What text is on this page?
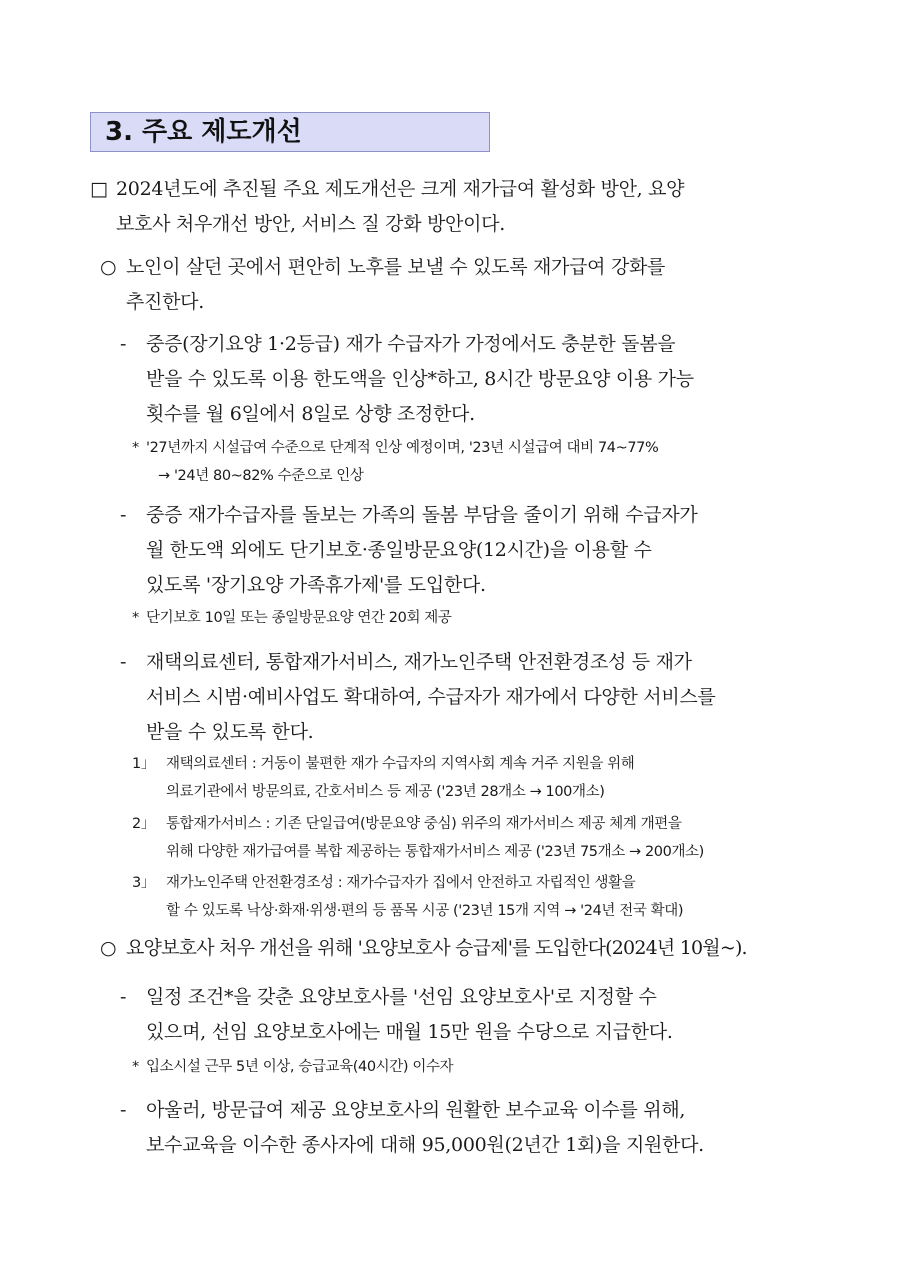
3. 주요 제도개선
□ 2024년도에 추진될 주요 제도개선은 크게 재가급여 활성화 방안, 요양
보호사 처우개선 방안, 서비스 질 강화 방안이다.
○ 노인이 살던 곳에서 편안히 노후를 보낼 수 있도록 재가급여 강화를
추진한다.
-	중증(장기요양 1·2등급) 재가 수급자가 가정에서도 충분한 돌봄을
받을 수 있도록 이용 한도액을 인상*하고, 8시간 방문요양 이용 가능
횟수를 월 6일에서 8일로 상향 조정한다.
* '27년까지 시설급여 수준으로 단계적 인상 예정이며, '23년 시설급여 대비 74~77%
→ '24년 80~82% 수준으로 인상
-	중증 재가수급자를 돌보는 가족의 돌봄 부담을 줄이기 위해 수급자가
월 한도액 외에도 단기보호·종일방문요양(12시간)을 이용할 수
있도록 '장기요양 가족휴가제'를 도입한다.
* 단기보호 10일 또는 종일방문요양 연간 20회 제공
-	재택의료센터, 통합재가서비스, 재가노인주택 안전환경조성 등 재가
서비스 시범·예비사업도 확대하여, 수급자가 재가에서 다양한 서비스를
받을 수 있도록 한다.
1」 재택의료센터 : 거동이 불편한 재가 수급자의 지역사회 계속 거주 지원을 위해
의료기관에서 방문의료, 간호서비스 등 제공 ('23년 28개소 → 100개소)
2」 통합재가서비스 : 기존 단일급여(방문요양 중심) 위주의 재가서비스 제공 체계 개편을
위해 다양한 재가급여를 복합 제공하는 통합재가서비스 제공 ('23년 75개소 → 200개소)
3」 재가노인주택 안전환경조성 : 재가수급자가 집에서 안전하고 자립적인 생활을
할 수 있도록 낙상·화재·위생·편의 등 품목 시공 ('23년 15개 지역 → '24년 전국 확대)
○ 요양보호사 처우 개선을 위해 '요양보호사 승급제'를 도입한다(2024년 10월~).
-	일정 조건*을 갖춘 요양보호사를 '선임 요양보호사'로 지정할 수
있으며, 선임 요양보호사에는 매월 15만 원을 수당으로 지급한다.
* 입소시설 근무 5년 이상, 승급교육(40시간) 이수자
-	아울러, 방문급여 제공 요양보호사의 원활한 보수교육 이수를 위해,
보수교육을 이수한 종사자에 대해 95,000원(2년간 1회)을 지원한다.
